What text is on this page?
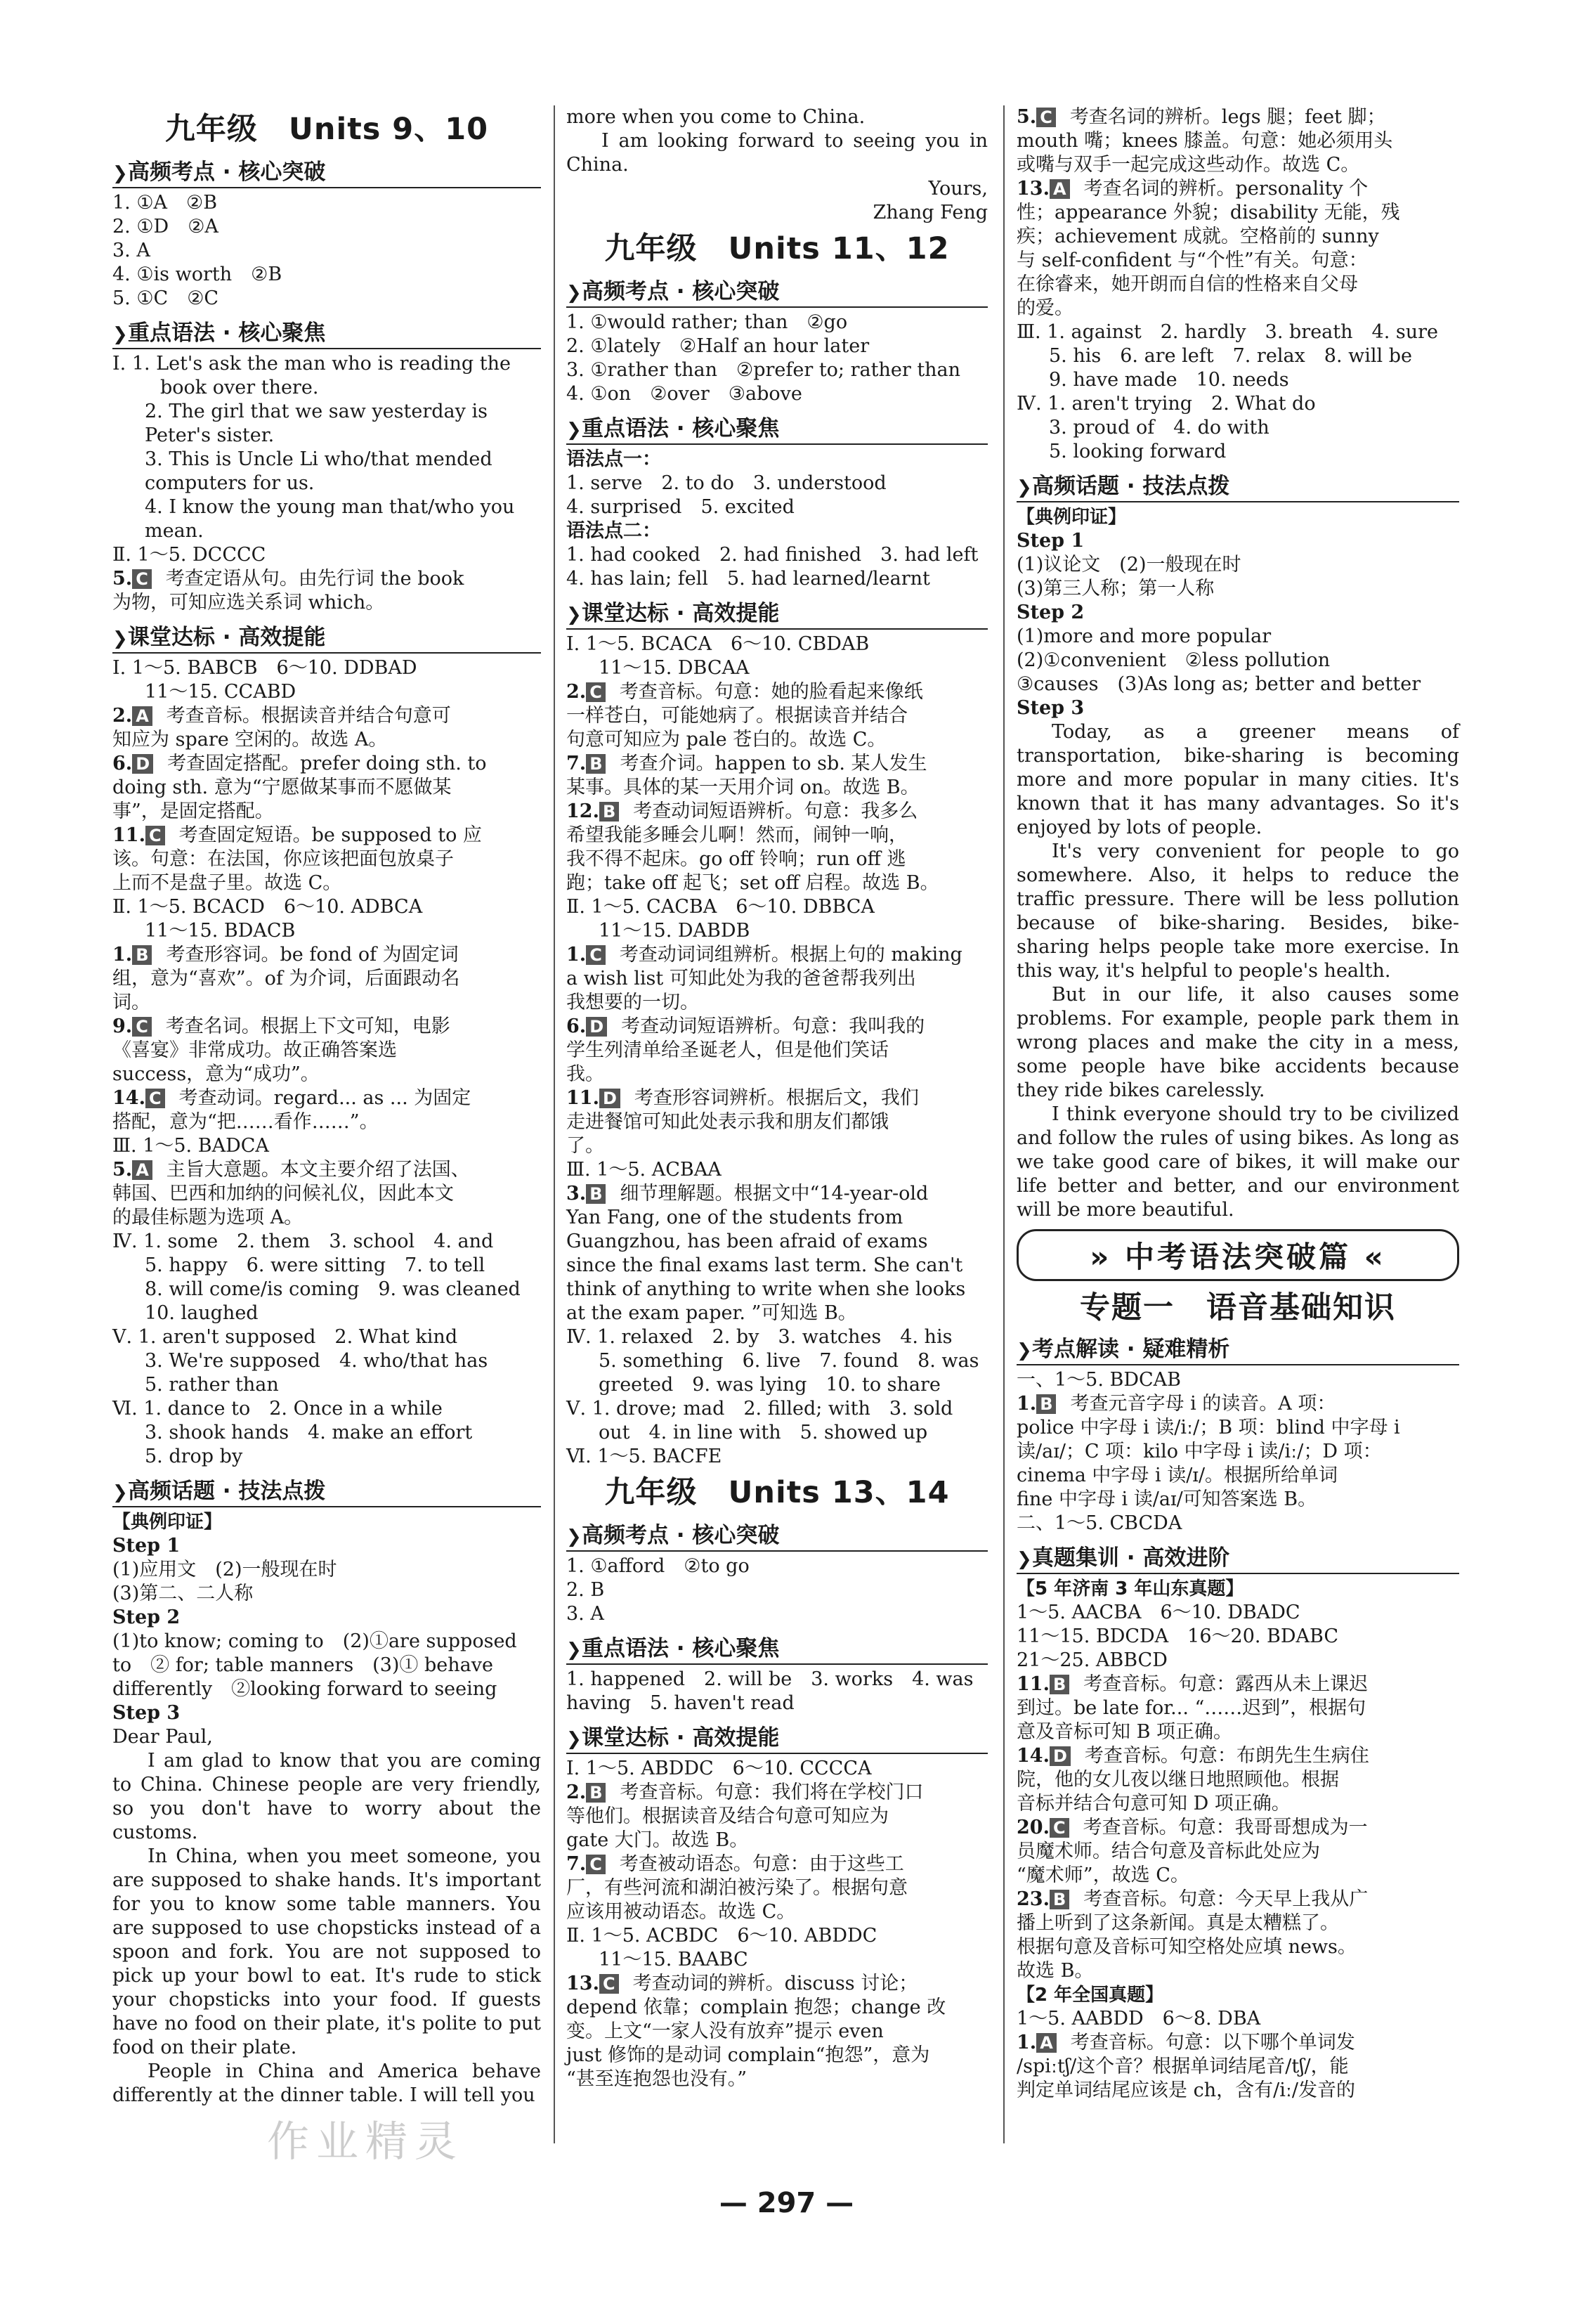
九年级　Units 9、10
❯高频考点 · 核心突破

1. ①A　②B

2. ①D　②A

3. A

4. ①is worth　②B

5. ①C　②C

❯重点语法 · 核心聚焦

Ⅰ. 1. Let's ask the man who is reading the

book over there.

2. The girl that we saw yesterday is

Peter's sister.

3. This is Uncle Li who/that mended

computers for us.

4. I know the young man that/who you

mean.

Ⅱ. 1～5. DCCCC

5. C 考查定语从句。由先行词 the book

为物，可知应选关系词 which。

❯课堂达标 · 高效提能

Ⅰ. 1～5. BABCB　6～10. DDBAD

11～15. CCABD

2. A 考查音标。根据读音并结合句意可

知应为 spare 空闲的。故选 A。

6. D 考查固定搭配。prefer doing sth. to

doing sth. 意为“宁愿做某事而不愿做某

事”，是固定搭配。

11. C 考查固定短语。be supposed to 应

该。句意：在法国，你应该把面包放桌子

上而不是盘子里。故选 C。

Ⅱ. 1～5. BCACD　6～10. ADBCA

11～15. BDACB

1. B 考查形容词。be fond of 为固定词

组，意为“喜欢”。of 为介词，后面跟动名

词。

9. C 考查名词。根据上下文可知，电影

《喜宴》非常成功。故正确答案选

success，意为“成功”。

14. C 考查动词。regard... as ... 为固定

搭配，意为“把……看作……”。

Ⅲ. 1～5. BADCA

5. A 主旨大意题。本文主要介绍了法国、

韩国、巴西和加纳的问候礼仪，因此本文

的最佳标题为选项 A。

Ⅳ. 1. some　2. them　3. school　4. and

5. happy　6. were sitting　7. to tell

8. will come/is coming　9. was cleaned

10. laughed

Ⅴ. 1. aren't supposed　2. What kind

3. We're supposed　4. who/that has

5. rather than

Ⅵ. 1. dance to　2. Once in a while

3. shook hands　4. make an effort

5. drop by

❯高频话题 · 技法点拨

【典例印证】

Step 1

(1)应用文　(2)一般现在时

(3)第二、二人称

Step 2

(1)to know; coming to　(2)①are supposed

to　② for; table manners　(3)① behave

differently　②looking forward to seeing

Step 3

Dear Paul,

I am glad to know that you are coming to China. Chinese people are very friendly, so you don't have to worry about the customs.

In China, when you meet someone, you are supposed to shake hands. It's important for you to know some table manners. You are supposed to use chopsticks instead of a spoon and fork. You are not supposed to pick up your bowl to eat. It's rude to stick your chopsticks into your food. If guests have no food on their plate, it's polite to put food on their plate.

People in China and America behave differently at the dinner table. I will tell you

more when you come to China.

I am looking forward to seeing you in China.

Yours,

Zhang Feng

九年级　Units 11、12
❯高频考点 · 核心突破

1. ①would rather; than　②go

2. ①lately　②Half an hour later

3. ①rather than　②prefer to; rather than

4. ①on　②over　③above

❯重点语法 · 核心聚焦

语法点一：

1. serve　2. to do　3. understood

4. surprised　5. excited

语法点二：

1. had cooked　2. had finished　3. had left

4. has lain; fell　5. had learned/learnt

❯课堂达标 · 高效提能

Ⅰ. 1～5. BCACA　6～10. CBDAB

11～15. DBCAA

2. C 考查音标。句意：她的脸看起来像纸

一样苍白，可能她病了。根据读音并结合

句意可知应为 pale 苍白的。故选 C。

7. B 考查介词。happen to sb. 某人发生

某事。具体的某一天用介词 on。故选 B。

12. B 考查动词短语辨析。句意：我多么

希望我能多睡会儿啊！然而，闹钟一响，

我不得不起床。go off 铃响；run off 逃

跑；take off 起飞；set off 启程。故选 B。

Ⅱ. 1～5. CACBA　6～10. DBBCA

11～15. DABDB

1. C 考查动词词组辨析。根据上句的 making

a wish list 可知此处为我的爸爸帮我列出

我想要的一切。

6. D 考查动词短语辨析。句意：我叫我的

学生列清单给圣诞老人，但是他们笑话

我。

11. D 考查形容词辨析。根据后文，我们

走进餐馆可知此处表示我和朋友们都饿

了。

Ⅲ. 1～5. ACBAA

3. B 细节理解题。根据文中“14-year-old

Yan Fang, one of the students from

Guangzhou, has been afraid of exams

since the final exams last term. She can't

think of anything to write when she looks

at the exam paper. ”可知选 B。

Ⅳ. 1. relaxed　2. by　3. watches　4. his

5. something　6. live　7. found　8. was

greeted　9. was lying　10. to share

Ⅴ. 1. drove; mad　2. filled; with　3. sold

out　4. in line with　5. showed up

Ⅵ. 1～5. BACFE

九年级　Units 13、14
❯高频考点 · 核心突破

1. ①afford　②to go

2. B

3. A

❯重点语法 · 核心聚焦

1. happened　2. will be　3. works　4. was

having　5. haven't read

❯课堂达标 · 高效提能

Ⅰ. 1～5. ABDDC　6～10. CCCCA

2. B 考查音标。句意：我们将在学校门口

等他们。根据读音及结合句意可知应为

gate 大门。故选 B。

7. C 考查被动语态。句意：由于这些工

厂，有些河流和湖泊被污染了。根据句意

应该用被动语态。故选 C。

Ⅱ. 1～5. ACBDC　6～10. ABDDC

11～15. BAABC

13. C 考查动词的辨析。discuss 讨论；

depend 依靠；complain 抱怨；change 改

变。上文“一家人没有放弃”提示 even

just 修饰的是动词 complain“抱怨”，意为

“甚至连抱怨也没有。”

5. C 考查名词的辨析。legs 腿；feet 脚；

mouth 嘴；knees 膝盖。句意：她必须用头

或嘴与双手一起完成这些动作。故选 C。

13. A 考查名词的辨析。personality 个

性；appearance 外貌；disability 无能，残

疾；achievement 成就。空格前的 sunny

与 self-confident 与“个性”有关。句意：

在徐睿来，她开朗而自信的性格来自父母

的爱。

Ⅲ. 1. against　2. hardly　3. breath　4. sure

5. his　6. are left　7. relax　8. will be

9. have made　10. needs

Ⅳ. 1. aren't trying　2. What do

3. proud of　4. do with

5. looking forward

❯高频话题 · 技法点拨

【典例印证】

Step 1

(1)议论文　(2)一般现在时

(3)第三人称；第一人称

Step 2

(1)more and more popular

(2)①convenient　②less pollution

③causes　(3)As long as; better and better

Step 3

Today, as a greener means of transportation, bike-sharing is becoming more and more popular in many cities. It's known that it has many advantages. So it's enjoyed by lots of people.

It's very convenient for people to go somewhere. Also, it helps to reduce the traffic pressure. There will be less pollution because of bike-sharing. Besides, bike-sharing helps people take more exercise. In this way, it's helpful to people's health.

But in our life, it also causes some problems. For example, people park them in wrong places and make the city in a mess, some people have bike accidents because they ride bikes carelessly.

I think everyone should try to be civilized and follow the rules of using bikes. As long as we take good care of bikes, it will make our life better and better, and our environment will be more beautiful.

» 中考语法突破篇 «
专题一　语音基础知识
❯考点解读 · 疑难精析

一、1～5. BDCAB

1. B 考查元音字母 i 的读音。A 项：

police 中字母 i 读/iː/；B 项：blind 中字母 i

读/aɪ/；C 项：kilo 中字母 i 读/iː/；D 项：

cinema 中字母 i 读/ɪ/。根据所给单词

fine 中字母 i 读/aɪ/可知答案选 B。

二、1～5. CBCDA

❯真题集训 · 高效进阶

【5 年济南 3 年山东真题】

1～5. AACBA　6～10. DBADC

11～15. BDCDA　16～20. BDABC

21～25. ABBCD

11. B 考查音标。句意：露西从未上课迟

到过。be late for... “……迟到”，根据句

意及音标可知 B 项正确。

14. D 考查音标。句意：布朗先生生病住

院，他的女儿夜以继日地照顾他。根据

音标并结合句意可知 D 项正确。

20. C 考查音标。句意：我哥哥想成为一

员魔术师。结合句意及音标此处应为

“魔术师”，故选 C。

23. B 考查音标。句意：今天早上我从广

播上听到了这条新闻。真是太糟糕了。

根据句意及音标可知空格处应填 news。

故选 B。

【2 年全国真题】

1～5. AABDD　6～8. DBA

1. A 考查音标。句意：以下哪个单词发

/spiːtʃ/这个音？根据单词结尾音/tʃ/，能

判定单词结尾应该是 ch，含有/iː/发音的

作业精灵
— 297 —
